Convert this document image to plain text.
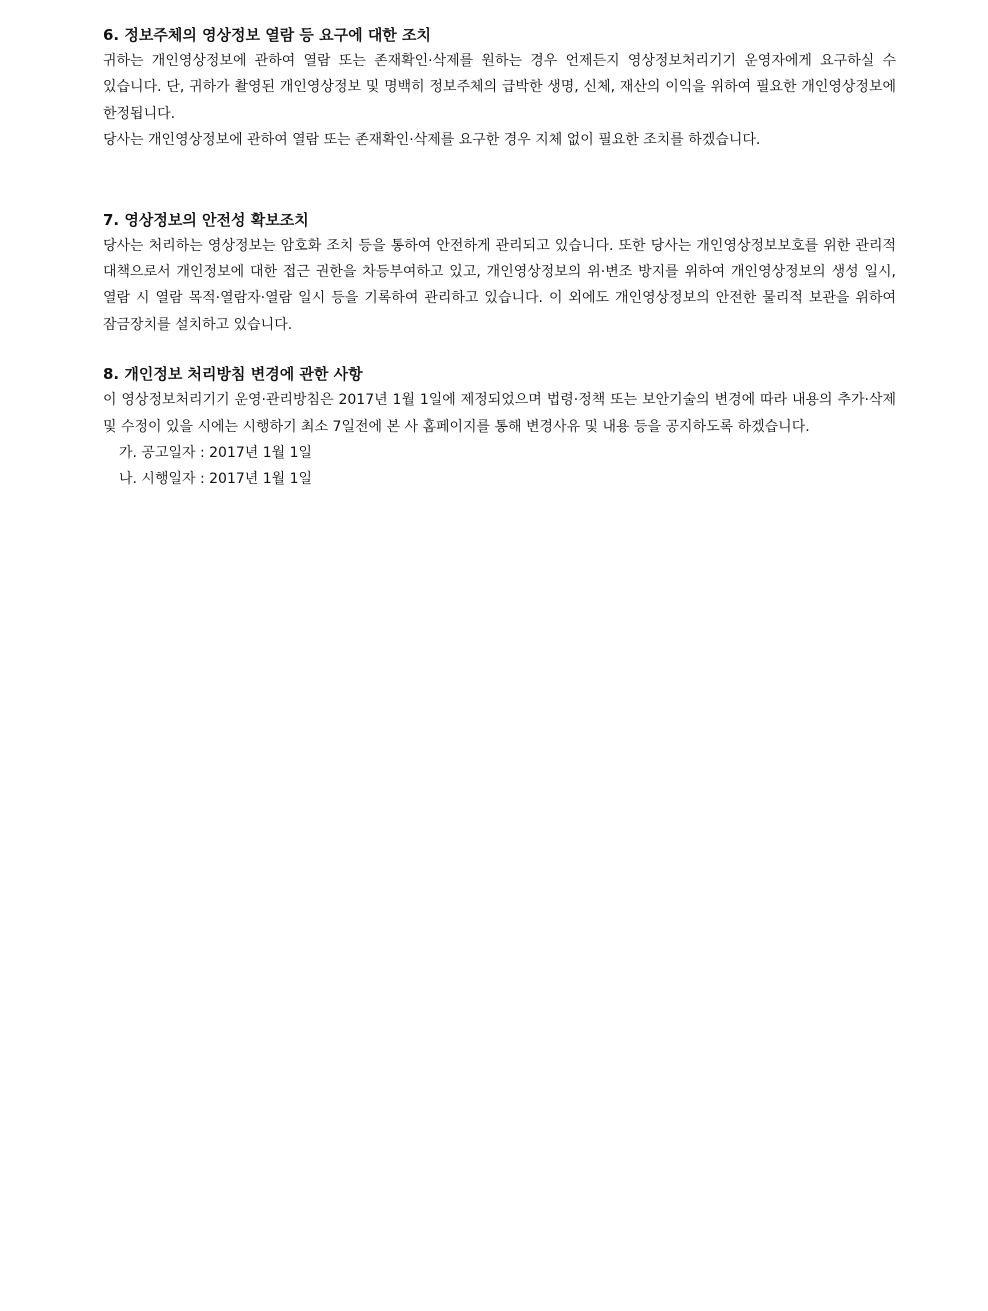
6. 정보주체의 영상정보 열람 등 요구에 대한 조치

귀하는 개인영상정보에 관하여 열람 또는 존재확인·삭제를 원하는 경우 언제든지 영상정보처리기기 운영자에게 요구하실 수 있습니다. 단, 귀하가 촬영된 개인영상정보 및 명백히 정보주체의 급박한 생명, 신체, 재산의 이익을 위하여 필요한 개인영상정보에 한정됩니다.

당사는 개인영상정보에 관하여 열람 또는 존재확인·삭제를 요구한 경우 지체 없이 필요한 조치를 하겠습니다.

7. 영상정보의 안전성 확보조치

당사는 처리하는 영상정보는 암호화 조치 등을 통하여 안전하게 관리되고 있습니다. 또한 당사는 개인영상정보보호를 위한 관리적 대책으로서 개인정보에 대한 접근 권한을 차등부여하고 있고, 개인영상정보의 위·변조 방지를 위하여 개인영상정보의 생성 일시, 열람 시 열람 목적·열람자·열람 일시 등을 기록하여 관리하고 있습니다. 이 외에도 개인영상정보의 안전한 물리적 보관을 위하여 잠금장치를 설치하고 있습니다.

8. 개인정보 처리방침 변경에 관한 사항

이 영상정보처리기기 운영·관리방침은 2017년 1월 1일에 제정되었으며 법령·정책 또는 보안기술의 변경에 따라 내용의 추가·삭제 및 수정이 있을 시에는 시행하기 최소 7일전에 본 사 홈페이지를 통해 변경사유 및 내용 등을 공지하도록 하겠습니다.

가. 공고일자 : 2017년 1월 1일
나. 시행일자 : 2017년 1월 1일
